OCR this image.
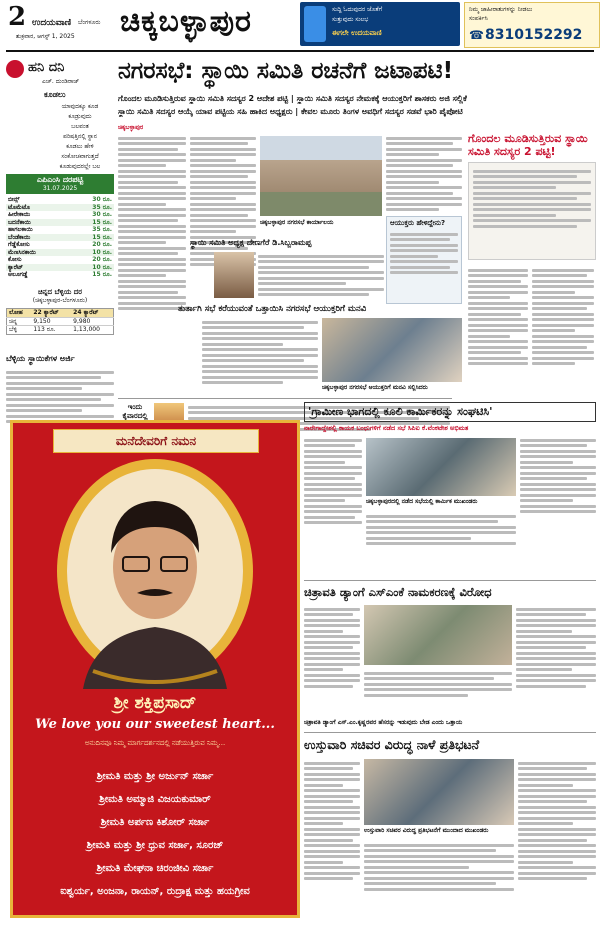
2 ಉದಯವಾಣಿ ಬೆಂಗಳೂರು
ಶುಕ್ರವಾರ, ಆಗಸ್ಟ್ 1, 2025 ಚಿಕ್ಕಬಳ್ಳಾಪುರ	ಸುದ್ದಿ ಓದುವುದರ ಜೊತೆಗೆ
ಸುತ್ತುವುದು ಸುಲಭ
ಈಗಲೇ ಉದಯವಾಣಿ
ನಿಮ್ಮ ಜಾಹೀರಾತುಗಳನ್ನು ನೀಡಲು
ಸಂಪರ್ಕಿಸಿ
☎ 8310152292
ಹನಿ ದನಿ
ಎಚ್. ದುಂಡಿರಾಜ್
ಕೂಡಲು
ಯಾವುದಕ್ಕೂ ಕೂಡ
ಕೂಡ್ರುವುದು
ಬಲವಂತ
ಪರಿಷತ್ತಿನಲ್ಲಿ ಸ್ಥಾನ
ಕೂಡಲು ಹೇಳಿ
ಸಂಕೋಚವಾಗುತ್ತದೆ
ಕೂಡುವುದರಲ್ಲೇ ಬಲ
ಎಪಿಎಂಸಿ ದರಪಟ್ಟಿ
31.07.2025
ಬೀನ್ಸ್	30 ರೂ.
ಟೊಮೆಟೊ	35 ರೂ.
ಹೀರೇಕಾಯಿ	30 ರೂ.
ಬದನೆಕಾಯಿ	15 ರೂ.
ಹಾಗಲಕಾಯಿ	35 ರೂ.
ಬೆಂಡೆಕಾಯಿ	15 ರೂ.
ಗೆಡ್ಡೆಕೋಸು	20 ರೂ.
ಮೆಣಸಿನಕಾಯಿ	10 ರೂ.
ಕೋಸು	20 ರೂ.
ಕ್ಯಾರೆಟ್	10 ರೂ.
ಆಲೂಗಡ್ಡೆ	15 ರೂ.
ಚಿನ್ನದ ಬೆಳ್ಳಿಯ ದರ
(ಚಿಕ್ಕಬಳ್ಳಾಪುರ-ಬೆಂಗಳೂರು)
ಲೋಹ	22 ಕ್ಯಾರೆಟ್	24 ಕ್ಯಾರೆಟ್
ಚಿನ್ನ	9,150	9,980
ಬೆಳ್ಳಿ	113 ರೂ.	1,13,000
ಬೆಳ್ಳಿಯ ಸ್ಥಾಯಿಕೆಗಳ ಅರ್ಜಿ
ನಗರಸಭೆ: ಸ್ಥಾಯಿ ಸಮಿತಿ ರಚನೆಗೆ ಜಟಾಪಟಿ!
ಗೊಂದಲ ಮೂಡಿಸುತ್ತಿರುವ ಸ್ಥಾಯಿ ಸಮಿತಿ ಸದಸ್ಯರ 2 ಆದೇಶ ಪಟ್ಟಿ | ಸ್ಥಾಯಿ ಸಮಿತಿ ಸದಸ್ಯರ ನೇಮಕಕ್ಕೆ ಆಯುಕ್ತರಿಗೆ ಶಾಸಕರು ಅಜಿ ಸಲ್ಲಿಕೆ
ಸ್ಥಾಯಿ ಸಮಿತಿ ಸದಸ್ಯರ ಆಯ್ಕೆ ಯಾವ ಪಟ್ಟಿಯ ಸಹಿ ಹಾಕಿದ ಅಧ್ಯಕ್ಷರು | ಕೇವಲ ಮೂರು ತಿಂಗಳ ಅವಧಿಗೆ ಸದಸ್ಯರ ಸಡವೆ ಭಾರಿ ಪೈಪೋಟಿ
ಚಿಕ್ಕಬಳ್ಳಾಪುರ
ಚಿಕ್ಕಬಳ್ಳಾಪುರ ನಗರಸಭೆ ಕಾರ್ಯಾಲಯ
ಸ್ಥಾಯಿ ಸಮಿತಿ ಅಧ್ಯಕ್ಷ ದೇಣಗೆರೆ ಡಿ.ಸಿಬ್ಬರಾಮಪ್ಪ
ಆಯುಕ್ತರು ಹೇಳಿದ್ದೇನು?
ಗೊಂದಲ ಮೂಡಿಸುತ್ತಿರುವ ಸ್ಥಾಯಿ ಸಮಿತಿ ಸದಸ್ಯರ 2 ಪಟ್ಟಿ!
ತುರ್ತಾಗಿ ಸಭೆ ಕರೆಯುವಂತೆ ಒತ್ತಾಯಿಸಿ ನಗರಸಭೆ ಆಯುಕ್ತರಿಗೆ ಮನವಿ
ಚಿಕ್ಕಬಳ್ಳಾಪುರ ನಗರಸಭೆ ಆಯುಕ್ತರಿಗೆ ಮನವಿ ಸಲ್ಲಿಸಿದರು
ಇಂದು
ಕೈವಾರದಲ್ಲಿ
ಮನೆದೇವರಿಗೆ ನಮನ
ಶ್ರೀ ಶಕ್ತಿಪ್ರಸಾದ್
We love you our sweetest heart...
ಅನುದಿನವೂ ನಿಮ್ಮ ಮಾರ್ಗದರ್ಶನದಲ್ಲಿ ನಡೆಯುತ್ತಿರುವ ನಿಮ್ಮ...
ಶ್ರೀಮತಿ ಮತ್ತು ಶ್ರೀ ಅರ್ಜುನ್ ಸರ್ಜಾ
ಶ್ರೀಮತಿ ಅಮ್ಮಾಜಿ ವಿಜಯಕುಮಾರ್
ಶ್ರೀಮತಿ ಅರ್ಪಣ ಕಿಶೋರ್ ಸರ್ಜಾ
ಶ್ರೀಮತಿ ಮತ್ತು ಶ್ರೀ ಧ್ರುವ ಸರ್ಜಾ, ಸೂರಜ್
ಶ್ರೀಮತಿ ಮೇಘನಾ ಚಿರಂಜೀವಿ ಸರ್ಜಾ
ಐಶ್ವರ್ಯ, ಅಂಜನಾ, ರಾಯನ್, ರುದ್ರಾಕ್ಷ ಮತ್ತು ಹಯಗ್ರೀವ
'ಗ್ರಾಮೀಣ ಭಾಗದಲ್ಲಿ ಕೂಲಿ ಕಾರ್ಮಿಕರನ್ನು ಸಂಘಟಿಸಿ'
ನಾರೇಗಾದ್ದೇಶಲ್ಲಿ ಕಾಯಕ ಬಂಧುಗಳಿಗೆ ನಡೆದ ಸಭೆ ಸಿಪಿಐ ಕೆ.ವೆಂಕಟೇಶ ಅಭಿಮತ
ಚಿಕ್ಕಬಳ್ಳಾಪುರದಲ್ಲಿ ನಡೆದ ಸಭೆಯಲ್ಲಿ ಕಾರ್ಮಿಕ ಮುಖಂಡರು
ಚಿತ್ರಾವತಿ ಡ್ಯಾಂಗೆ ಎಸ್ಎಂಕೆ ನಾಮಕರಣಕ್ಕೆ ವಿರೋಧ
ಚಿತ್ರಾವತಿ ಡ್ಯಾಂಗೆ ಎಸ್.ಎಂ.ಕೃಷ್ಣರವರ ಹೆಸರನ್ನು ಇಡುವುದು ಬೇಡ ಎಂದು ಒತ್ತಾಯ
ಉಸ್ತುವಾರಿ ಸಚಿವರ ವಿರುದ್ಧ ನಾಳೆ ಪ್ರತಿಭಟನೆ
ಉಸ್ತುವಾರಿ ಸಚಿವರ ವಿರುದ್ಧ ಪ್ರತಿಭಟನೆಗೆ ಮುಂದಾದ ಮುಖಂಡರು
